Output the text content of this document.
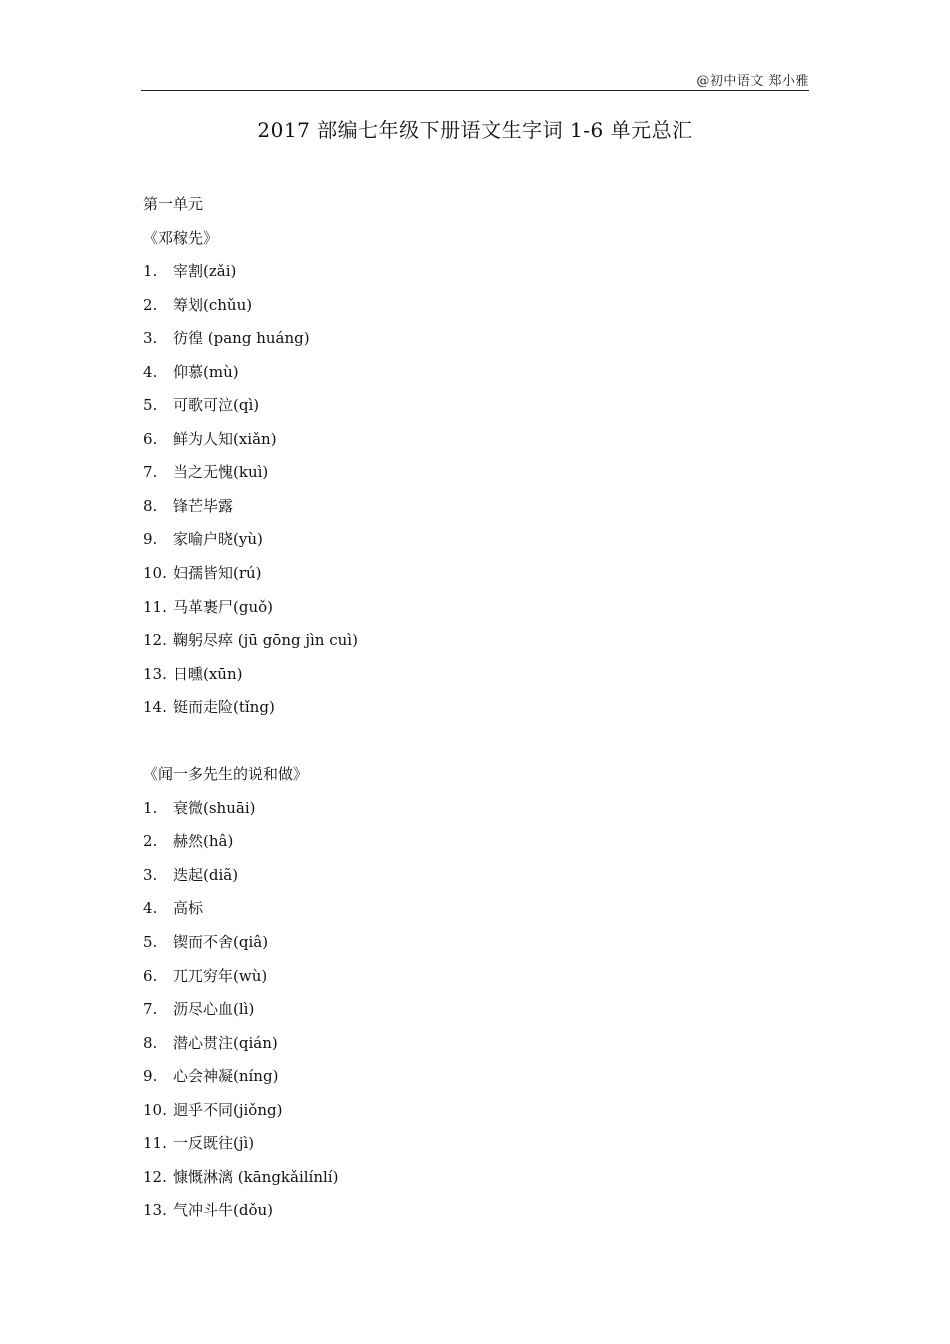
@初中语文 郑小雅
2017 部编七年级下册语文生字词 1-6 单元总汇
第一单元
《邓稼先》
1. 宰割(zǎi)
2. 筹划(chǔu)
3. 彷徨 (pang huáng)
4. 仰慕(mù)
5. 可歌可泣(qì)
6. 鲜为人知(xiǎn)
7. 当之无愧(kuì)
8. 锋芒毕露
9. 家喻户晓(yù)
10. 妇孺皆知(rú)
11. 马革裹尸(guǒ)
12. 鞠躬尽瘁 (jū gōng jìn cuì)
13. 日曛(xūn)
14. 铤而走险(tǐng)
《闻一多先生的说和做》
1. 衰微(shuāi)
2. 赫然(hâ)
3. 迭起(diã)
4. 高标
5. 锲而不舍(qiâ)
6. 兀兀穷年(wù)
7. 沥尽心血(lì)
8. 潜心贯注(qián)
9. 心会神凝(níng)
10. 迥乎不同(jiǒng)
11. 一反既往(jì)
12. 慷慨淋漓 (kāngkǎilínlí)
13. 气冲斗牛(dǒu)
